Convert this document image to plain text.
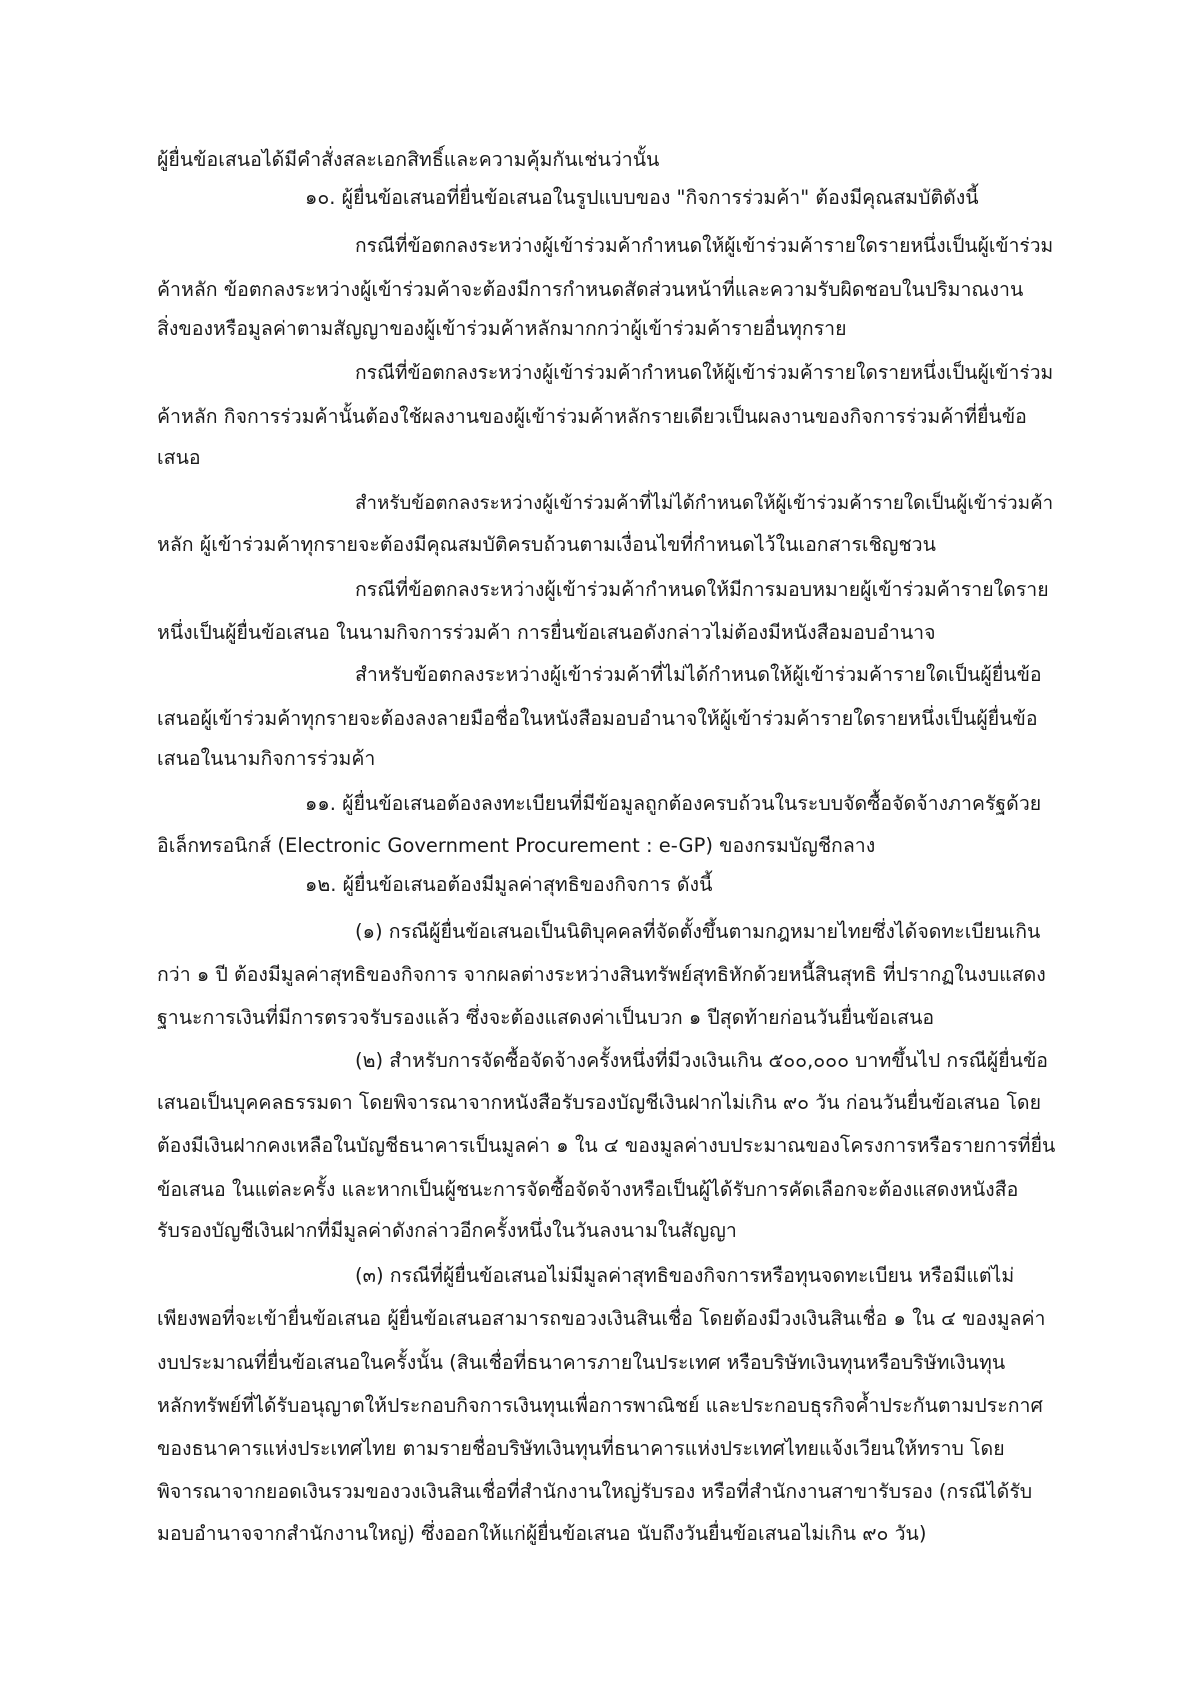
ผู้ยื่นข้อเสนอได้มีคำสั่งสละเอกสิทธิ์และความคุ้มกันเช่นว่านั้น
๑๐. ผู้ยื่นข้อเสนอที่ยื่นข้อเสนอในรูปแบบของ "กิจการร่วมค้า" ต้องมีคุณสมบัติดังนี้
กรณีที่ข้อตกลงระหว่างผู้เข้าร่วมค้ากำหนดให้ผู้เข้าร่วมค้ารายใดรายหนึ่งเป็นผู้เข้าร่วม
ค้าหลัก ข้อตกลงระหว่างผู้เข้าร่วมค้าจะต้องมีการกำหนดสัดส่วนหน้าที่และความรับผิดชอบในปริมาณงาน
สิ่งของหรือมูลค่าตามสัญญาของผู้เข้าร่วมค้าหลักมากกว่าผู้เข้าร่วมค้ารายอื่นทุกราย
กรณีที่ข้อตกลงระหว่างผู้เข้าร่วมค้ากำหนดให้ผู้เข้าร่วมค้ารายใดรายหนึ่งเป็นผู้เข้าร่วม
ค้าหลัก กิจการร่วมค้านั้นต้องใช้ผลงานของผู้เข้าร่วมค้าหลักรายเดียวเป็นผลงานของกิจการร่วมค้าที่ยื่นข้อ
เสนอ
สำหรับข้อตกลงระหว่างผู้เข้าร่วมค้าที่ไม่ได้กำหนดให้ผู้เข้าร่วมค้ารายใดเป็นผู้เข้าร่วมค้า
หลัก ผู้เข้าร่วมค้าทุกรายจะต้องมีคุณสมบัติครบถ้วนตามเงื่อนไขที่กำหนดไว้ในเอกสารเชิญชวน
กรณีที่ข้อตกลงระหว่างผู้เข้าร่วมค้ากำหนดให้มีการมอบหมายผู้เข้าร่วมค้ารายใดราย
หนึ่งเป็นผู้ยื่นข้อเสนอ ในนามกิจการร่วมค้า การยื่นข้อเสนอดังกล่าวไม่ต้องมีหนังสือมอบอำนาจ
สำหรับข้อตกลงระหว่างผู้เข้าร่วมค้าที่ไม่ได้กำหนดให้ผู้เข้าร่วมค้ารายใดเป็นผู้ยื่นข้อ
เสนอผู้เข้าร่วมค้าทุกรายจะต้องลงลายมือชื่อในหนังสือมอบอำนาจให้ผู้เข้าร่วมค้ารายใดรายหนึ่งเป็นผู้ยื่นข้อ
เสนอในนามกิจการร่วมค้า
๑๑. ผู้ยื่นข้อเสนอต้องลงทะเบียนที่มีข้อมูลถูกต้องครบถ้วนในระบบจัดซื้อจัดจ้างภาครัฐด้วย
อิเล็กทรอนิกส์ (Electronic Government Procurement : e-GP) ของกรมบัญชีกลาง
๑๒. ผู้ยื่นข้อเสนอต้องมีมูลค่าสุทธิของกิจการ ดังนี้
(๑) กรณีผู้ยื่นข้อเสนอเป็นนิติบุคคลที่จัดตั้งขึ้นตามกฎหมายไทยซึ่งได้จดทะเบียนเกิน
กว่า ๑ ปี ต้องมีมูลค่าสุทธิของกิจการ จากผลต่างระหว่างสินทรัพย์สุทธิหักด้วยหนี้สินสุทธิ ที่ปรากฏในงบแสดง
ฐานะการเงินที่มีการตรวจรับรองแล้ว ซึ่งจะต้องแสดงค่าเป็นบวก ๑ ปีสุดท้ายก่อนวันยื่นข้อเสนอ
(๒) สำหรับการจัดซื้อจัดจ้างครั้งหนึ่งที่มีวงเงินเกิน ๕๐๐,๐๐๐ บาทขึ้นไป กรณีผู้ยื่นข้อ
เสนอเป็นบุคคลธรรมดา โดยพิจารณาจากหนังสือรับรองบัญชีเงินฝากไม่เกิน ๙๐ วัน ก่อนวันยื่นข้อเสนอ โดย
ต้องมีเงินฝากคงเหลือในบัญชีธนาคารเป็นมูลค่า ๑ ใน ๔ ของมูลค่างบประมาณของโครงการหรือรายการที่ยื่น
ข้อเสนอ ในแต่ละครั้ง และหากเป็นผู้ชนะการจัดซื้อจัดจ้างหรือเป็นผู้ได้รับการคัดเลือกจะต้องแสดงหนังสือ
รับรองบัญชีเงินฝากที่มีมูลค่าดังกล่าวอีกครั้งหนึ่งในวันลงนามในสัญญา
(๓) กรณีที่ผู้ยื่นข้อเสนอไม่มีมูลค่าสุทธิของกิจการหรือทุนจดทะเบียน หรือมีแต่ไม่
เพียงพอที่จะเข้ายื่นข้อเสนอ ผู้ยื่นข้อเสนอสามารถขอวงเงินสินเชื่อ โดยต้องมีวงเงินสินเชื่อ ๑ ใน ๔ ของมูลค่า
งบประมาณที่ยื่นข้อเสนอในครั้งนั้น (สินเชื่อที่ธนาคารภายในประเทศ หรือบริษัทเงินทุนหรือบริษัทเงินทุน
หลักทรัพย์ที่ได้รับอนุญาตให้ประกอบกิจการเงินทุนเพื่อการพาณิชย์ และประกอบธุรกิจค้ำประกันตามประกาศ
ของธนาคารแห่งประเทศไทย ตามรายชื่อบริษัทเงินทุนที่ธนาคารแห่งประเทศไทยแจ้งเวียนให้ทราบ โดย
พิจารณาจากยอดเงินรวมของวงเงินสินเชื่อที่สำนักงานใหญ่รับรอง หรือที่สำนักงานสาขารับรอง (กรณีได้รับ
มอบอำนาจจากสำนักงานใหญ่) ซึ่งออกให้แก่ผู้ยื่นข้อเสนอ นับถึงวันยื่นข้อเสนอไม่เกิน ๙๐ วัน)
